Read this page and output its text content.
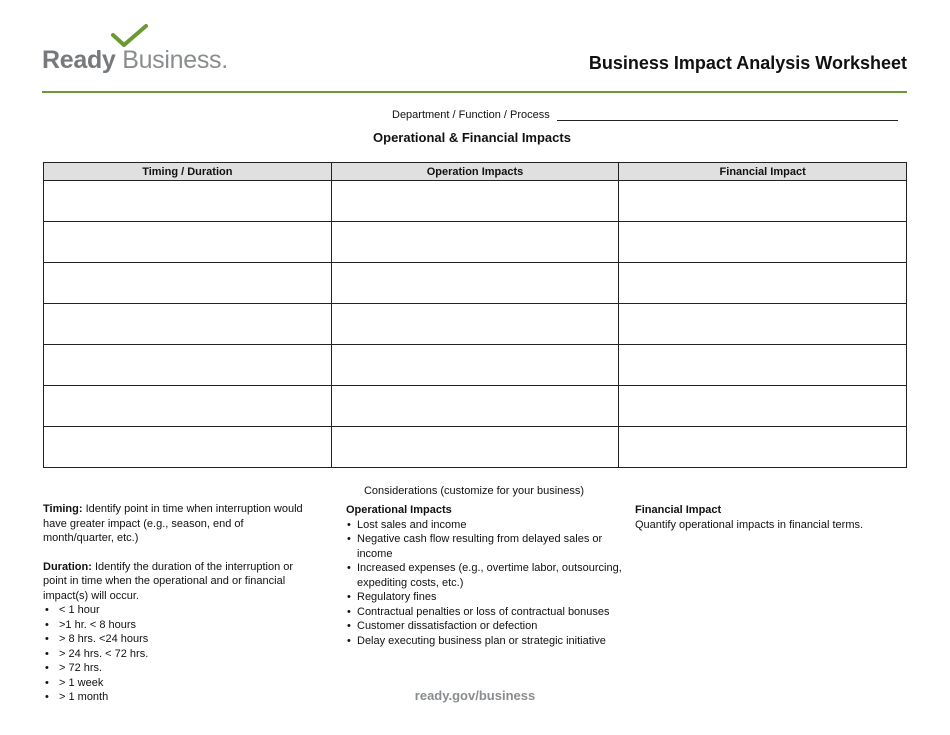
Ready Business.	Business Impact Analysis Worksheet
Department / Function / Process
Operational & Financial Impacts
Timing / Duration	Operation Impacts	Financial Impact

Considerations (customize for your business)
Timing: Identify point in time when interruption would have greater impact (e.g., season, end of month/quarter, etc.)
Duration: Identify the duration of the interruption or point in time when the operational and or financial impact(s) will occur.
• < 1 hour
• >1 hr. < 8 hours
• > 8 hrs. <24 hours
• > 24 hrs. < 72 hrs.
• > 72 hrs.
• > 1 week
• > 1 month
Operational Impacts
• Lost sales and income
• Negative cash flow resulting from delayed sales or income
• Increased expenses (e.g., overtime labor, outsourcing, expediting costs, etc.)
• Regulatory fines
• Contractual penalties or loss of contractual bonuses
• Customer dissatisfaction or defection
• Delay executing business plan or strategic initiative
Financial Impact
Quantify operational impacts in financial terms.
ready.gov/business
